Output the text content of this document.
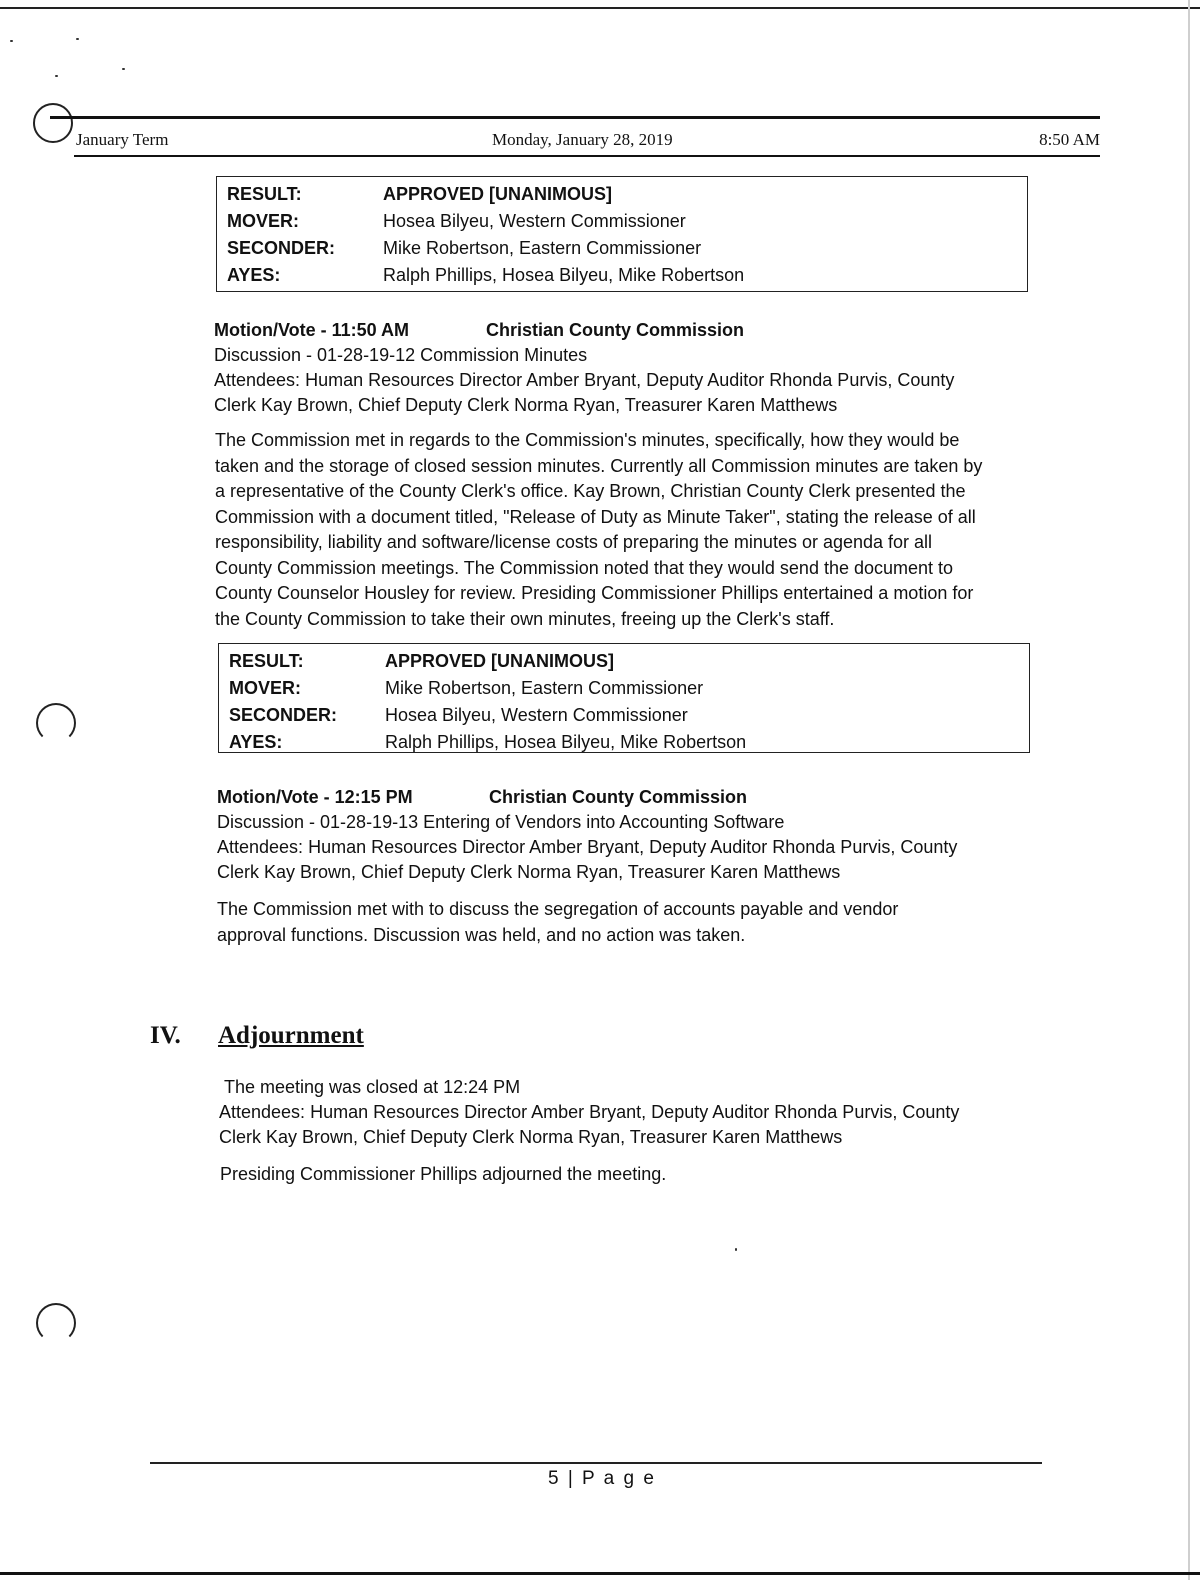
January Term	Monday, January 28, 2019	8:50 AM
RESULT:	APPROVED [UNANIMOUS]
MOVER:	Hosea Bilyeu, Western Commissioner
SECONDER:	Mike Robertson, Eastern Commissioner
AYES:	Ralph Phillips, Hosea Bilyeu, Mike Robertson
Motion/Vote - 11:50 AM	Christian County Commission
Discussion - 01-28-19-12 Commission Minutes
Attendees: Human Resources Director Amber Bryant, Deputy Auditor Rhonda Purvis, County
Clerk Kay Brown, Chief Deputy Clerk Norma Ryan, Treasurer Karen Matthews
The Commission met in regards to the Commission's minutes, specifically, how they would be
taken and the storage of closed session minutes. Currently all Commission minutes are taken by
a representative of the County Clerk's office. Kay Brown, Christian County Clerk presented the
Commission with a document titled, "Release of Duty as Minute Taker", stating the release of all
responsibility, liability and software/license costs of preparing the minutes or agenda for all
County Commission meetings. The Commission noted that they would send the document to
County Counselor Housley for review. Presiding Commissioner Phillips entertained a motion for
the County Commission to take their own minutes, freeing up the Clerk's staff.
RESULT:	APPROVED [UNANIMOUS]
MOVER:	Mike Robertson, Eastern Commissioner
SECONDER:	Hosea Bilyeu, Western Commissioner
AYES:	Ralph Phillips, Hosea Bilyeu, Mike Robertson
Motion/Vote - 12:15 PM	Christian County Commission
Discussion - 01-28-19-13 Entering of Vendors into Accounting Software
Attendees: Human Resources Director Amber Bryant, Deputy Auditor Rhonda Purvis, County
Clerk Kay Brown, Chief Deputy Clerk Norma Ryan, Treasurer Karen Matthews
The Commission met with to discuss the segregation of accounts payable and vendor
approval functions. Discussion was held, and no action was taken.
IV. Adjournment
The meeting was closed at 12:24 PM
Attendees: Human Resources Director Amber Bryant, Deputy Auditor Rhonda Purvis, County
Clerk Kay Brown, Chief Deputy Clerk Norma Ryan, Treasurer Karen Matthews
Presiding Commissioner Phillips adjourned the meeting.
5 | P a g e
